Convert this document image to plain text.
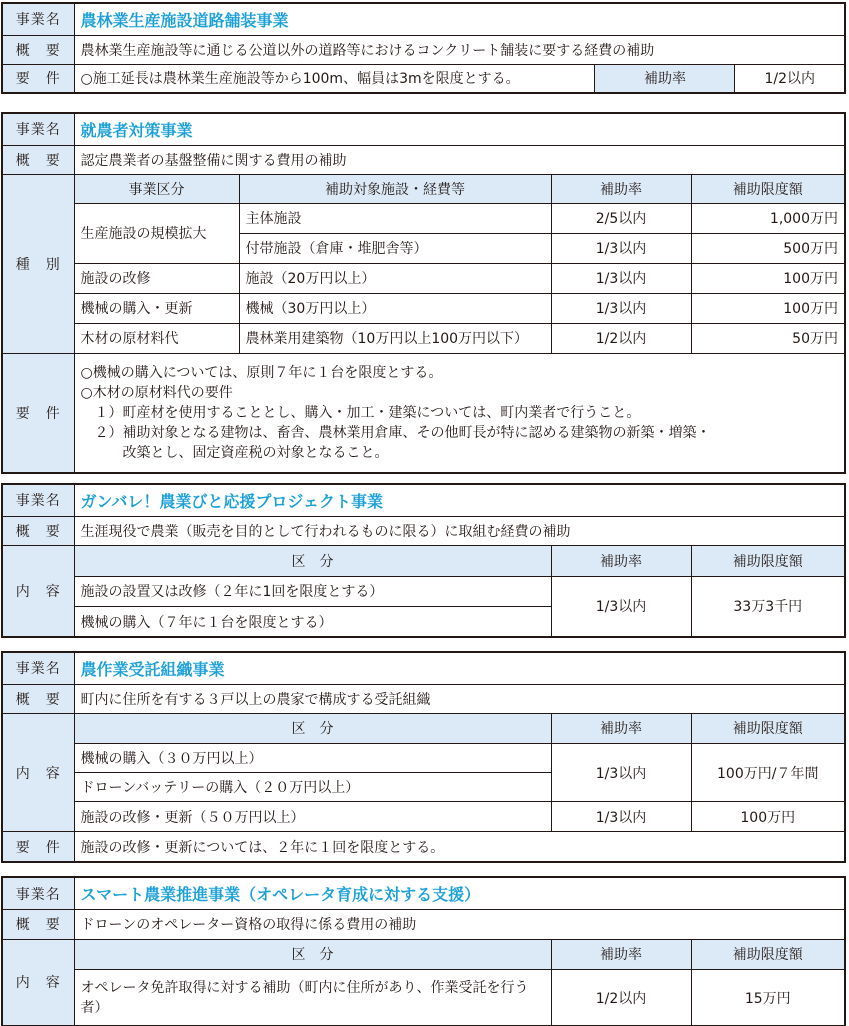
事業名	農林業生産施設道路舗装事業		
概　要	農林業生産施設等に通じる公道以外の道路等におけるコンクリート舗装に要する経費の補助		
要　件	○施工延長は農林業生産施設等から100m、幅員は3mを限度とする。	補助率	1/2以内
事業名	就農者対策事業			
概　要	認定農業者の基盤整備に関する費用の補助			
種　別	事業区分	補助対象施設・経費等	補助率	補助限度額
	生産施設の規模拡大	主体施設	2/5以内	1,000万円
		付帯施設（倉庫・堆肥舎等）	1/3以内	500万円
	施設の改修	施設（20万円以上）	1/3以内	100万円
	機械の購入・更新	機械（30万円以上）	1/3以内	100万円
	木材の原材料代	農林業用建築物（10万円以上100万円以下）	1/2以内	50万円
要　件	○機械の購入については、原則７年に１台を限度とする。

○木材の原材料代の要件

　１）町産材を使用することとし、購入・加工・建築については、町内業者で行うこと。

　２）補助対象となる建物は、畜舎、農林業用倉庫、その他町長が特に認める建築物の新築・増築・

　　　改築とし、固定資産税の対象となること。			

事業名	ガンバレ！農業びと応援プロジェクト事業		
概　要	生涯現役で農業（販売を目的として行われるものに限る）に取組む経費の補助		
内　容	区　分	補助率	補助限度額
	施設の設置又は改修（２年に1回を限度とする）	1/3以内	33万3千円
	機械の購入（７年に１台を限度とする）		
事業名	農作業受託組織事業		
概　要	町内に住所を有する３戸以上の農家で構成する受託組織		
内　容	区　分	補助率	補助限度額
	機械の購入（３０万円以上）	1/3以内	100万円/７年間
	ドローンバッテリーの購入（２０万円以上）		
	施設の改修・更新（５０万円以上）	1/3以内	100万円
要　件	施設の改修・更新については、２年に１回を限度とする。		
事業名	スマート農業推進事業（オペレータ育成に対する支援）		
概　要	ドローンのオペレーター資格の取得に係る費用の補助		
内　容	区　分	補助率	補助限度額
	オペレータ免許取得に対する補助（町内に住所があり、作業受託を行う者）	1/2以内	15万円
